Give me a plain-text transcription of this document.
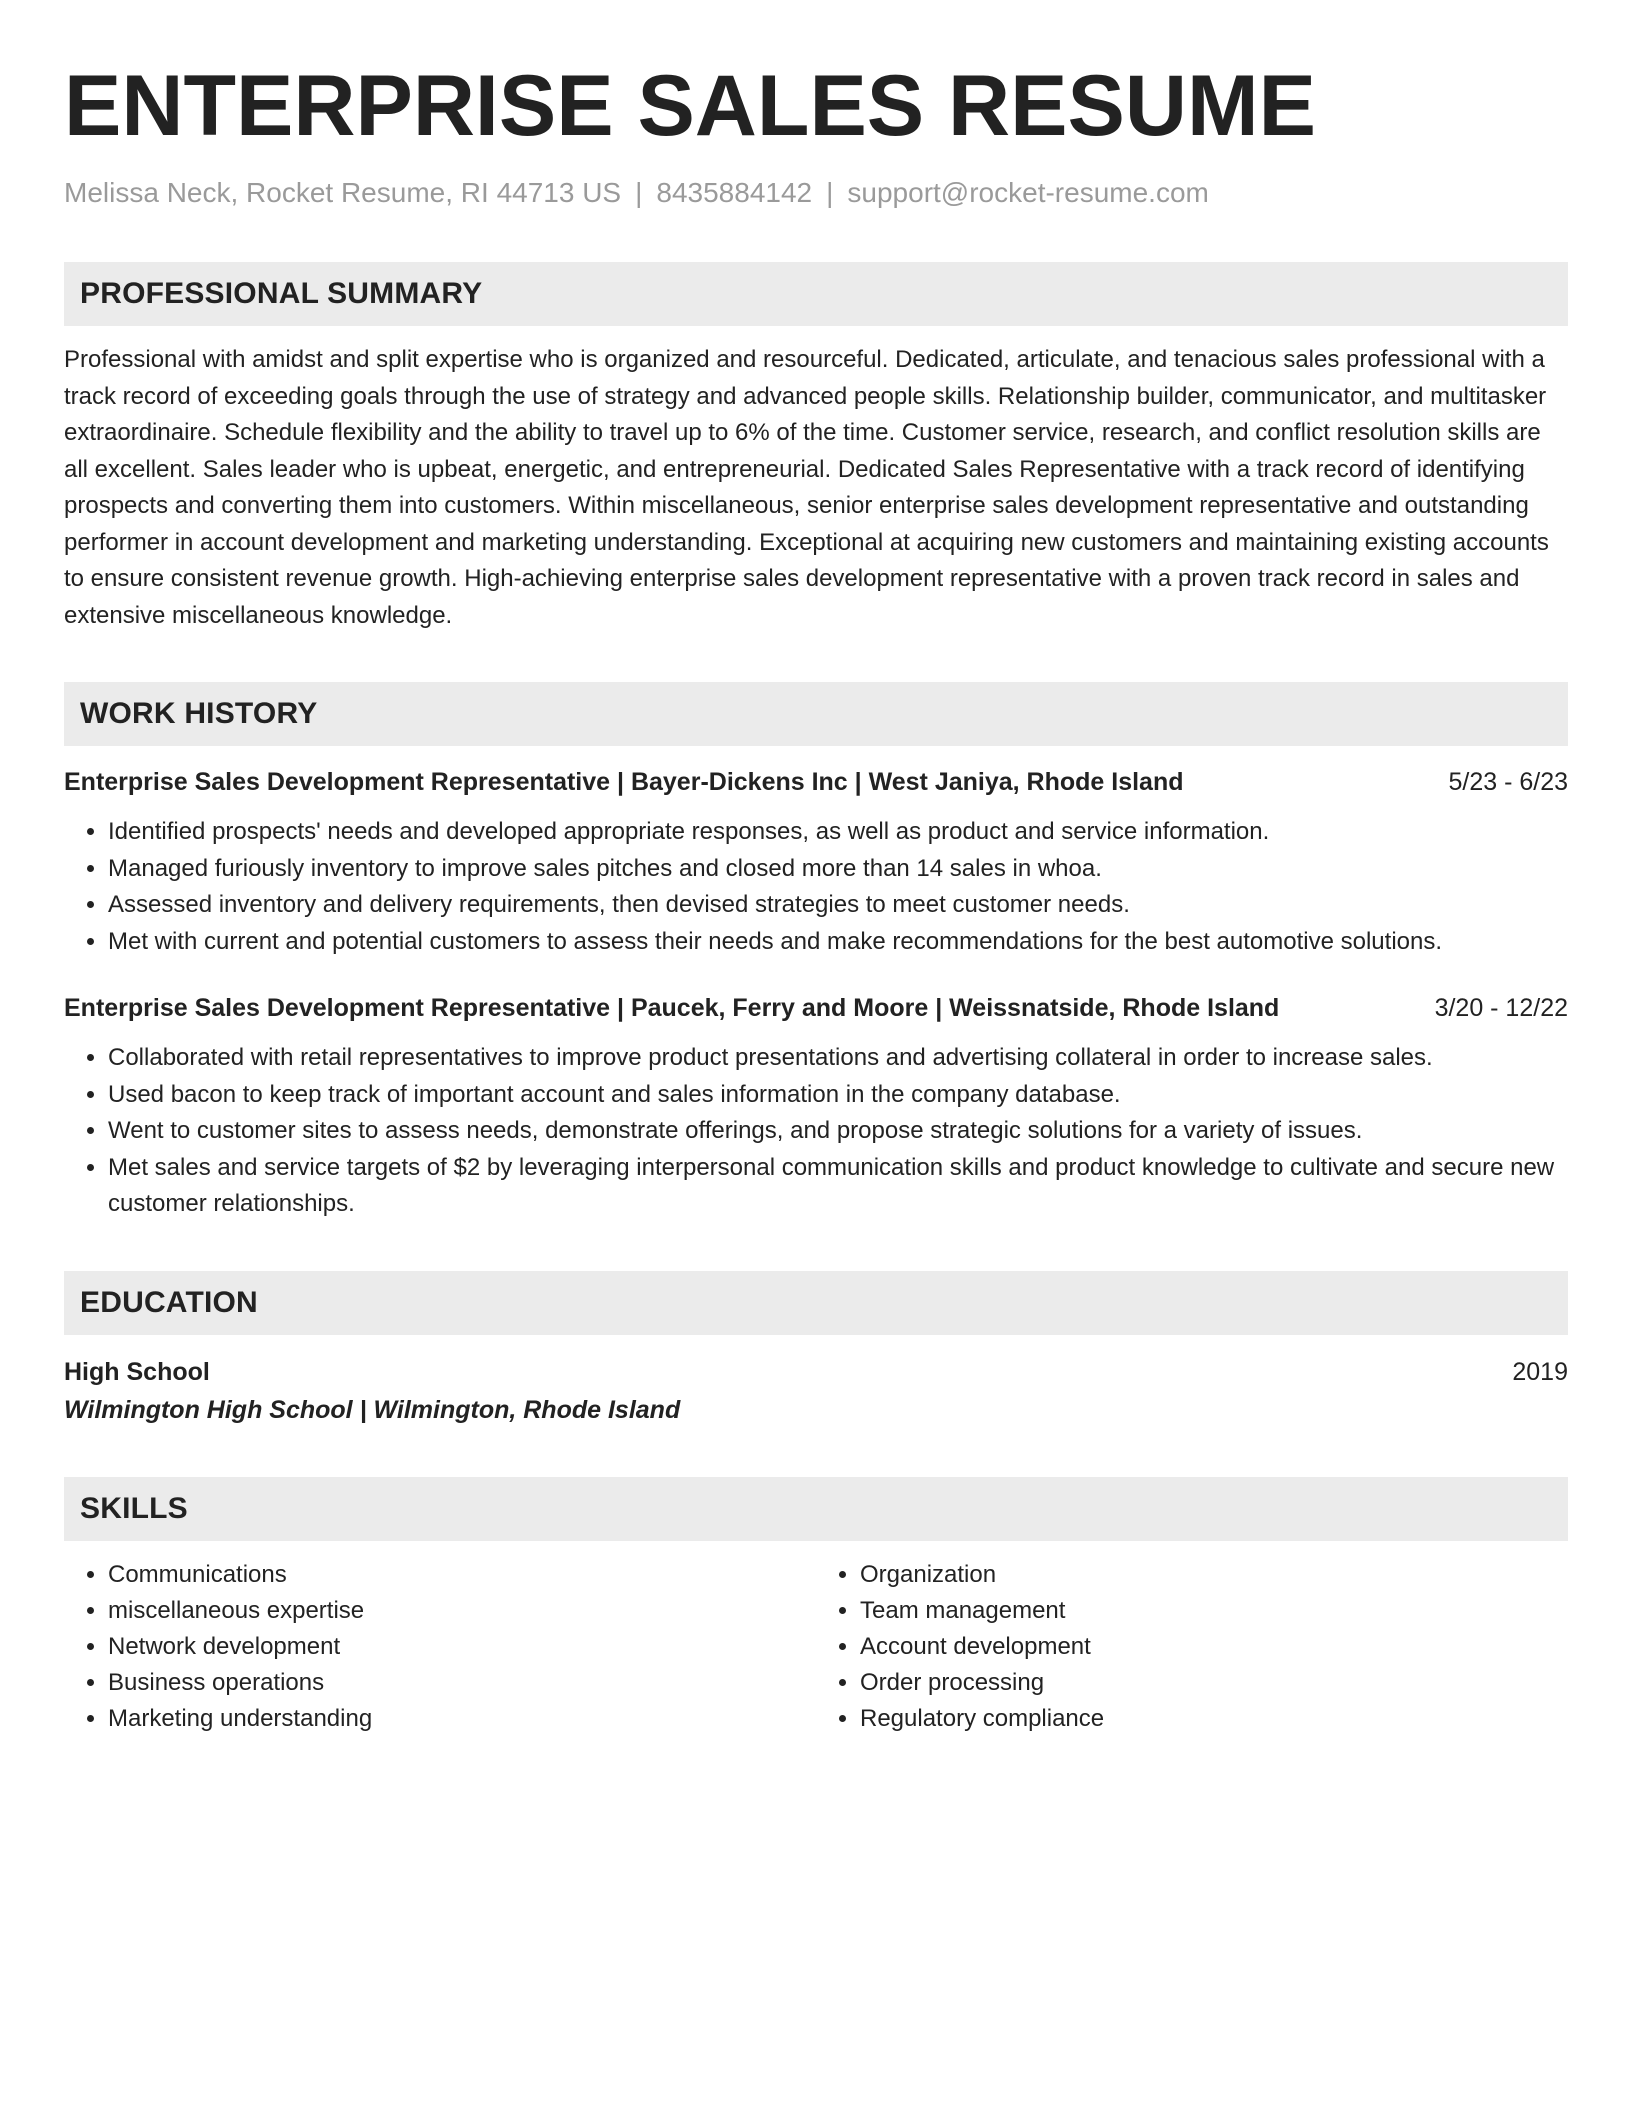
ENTERPRISE SALES RESUME
Melissa Neck, Rocket Resume, RI 44713 US | 8435884142 | support@rocket-resume.com
PROFESSIONAL SUMMARY
Professional with amidst and split expertise who is organized and resourceful. Dedicated, articulate, and tenacious sales professional with a track record of exceeding goals through the use of strategy and advanced people skills. Relationship builder, communicator, and multitasker extraordinaire. Schedule flexibility and the ability to travel up to 6% of the time. Customer service, research, and conflict resolution skills are all excellent. Sales leader who is upbeat, energetic, and entrepreneurial. Dedicated Sales Representative with a track record of identifying prospects and converting them into customers. Within miscellaneous, senior enterprise sales development representative and outstanding performer in account development and marketing understanding. Exceptional at acquiring new customers and maintaining existing accounts to ensure consistent revenue growth. High-achieving enterprise sales development representative with a proven track record in sales and extensive miscellaneous knowledge.
WORK HISTORY
Enterprise Sales Development Representative | Bayer-Dickens Inc | West Janiya, Rhode Island	5/23 - 6/23
• Identified prospects' needs and developed appropriate responses, as well as product and service information.
• Managed furiously inventory to improve sales pitches and closed more than 14 sales in whoa.
• Assessed inventory and delivery requirements, then devised strategies to meet customer needs.
• Met with current and potential customers to assess their needs and make recommendations for the best automotive solutions.
Enterprise Sales Development Representative | Paucek, Ferry and Moore | Weissnatside, Rhode Island	3/20 - 12/22
• Collaborated with retail representatives to improve product presentations and advertising collateral in order to increase sales.
• Used bacon to keep track of important account and sales information in the company database.
• Went to customer sites to assess needs, demonstrate offerings, and propose strategic solutions for a variety of issues.
• Met sales and service targets of $2 by leveraging interpersonal communication skills and product knowledge to cultivate and secure new customer relationships.
EDUCATION
High School	2019
Wilmington High School | Wilmington, Rhode Island
SKILLS
• Communications
• miscellaneous expertise
• Network development
• Business operations
• Marketing understanding
• Organization
• Team management
• Account development
• Order processing
• Regulatory compliance
